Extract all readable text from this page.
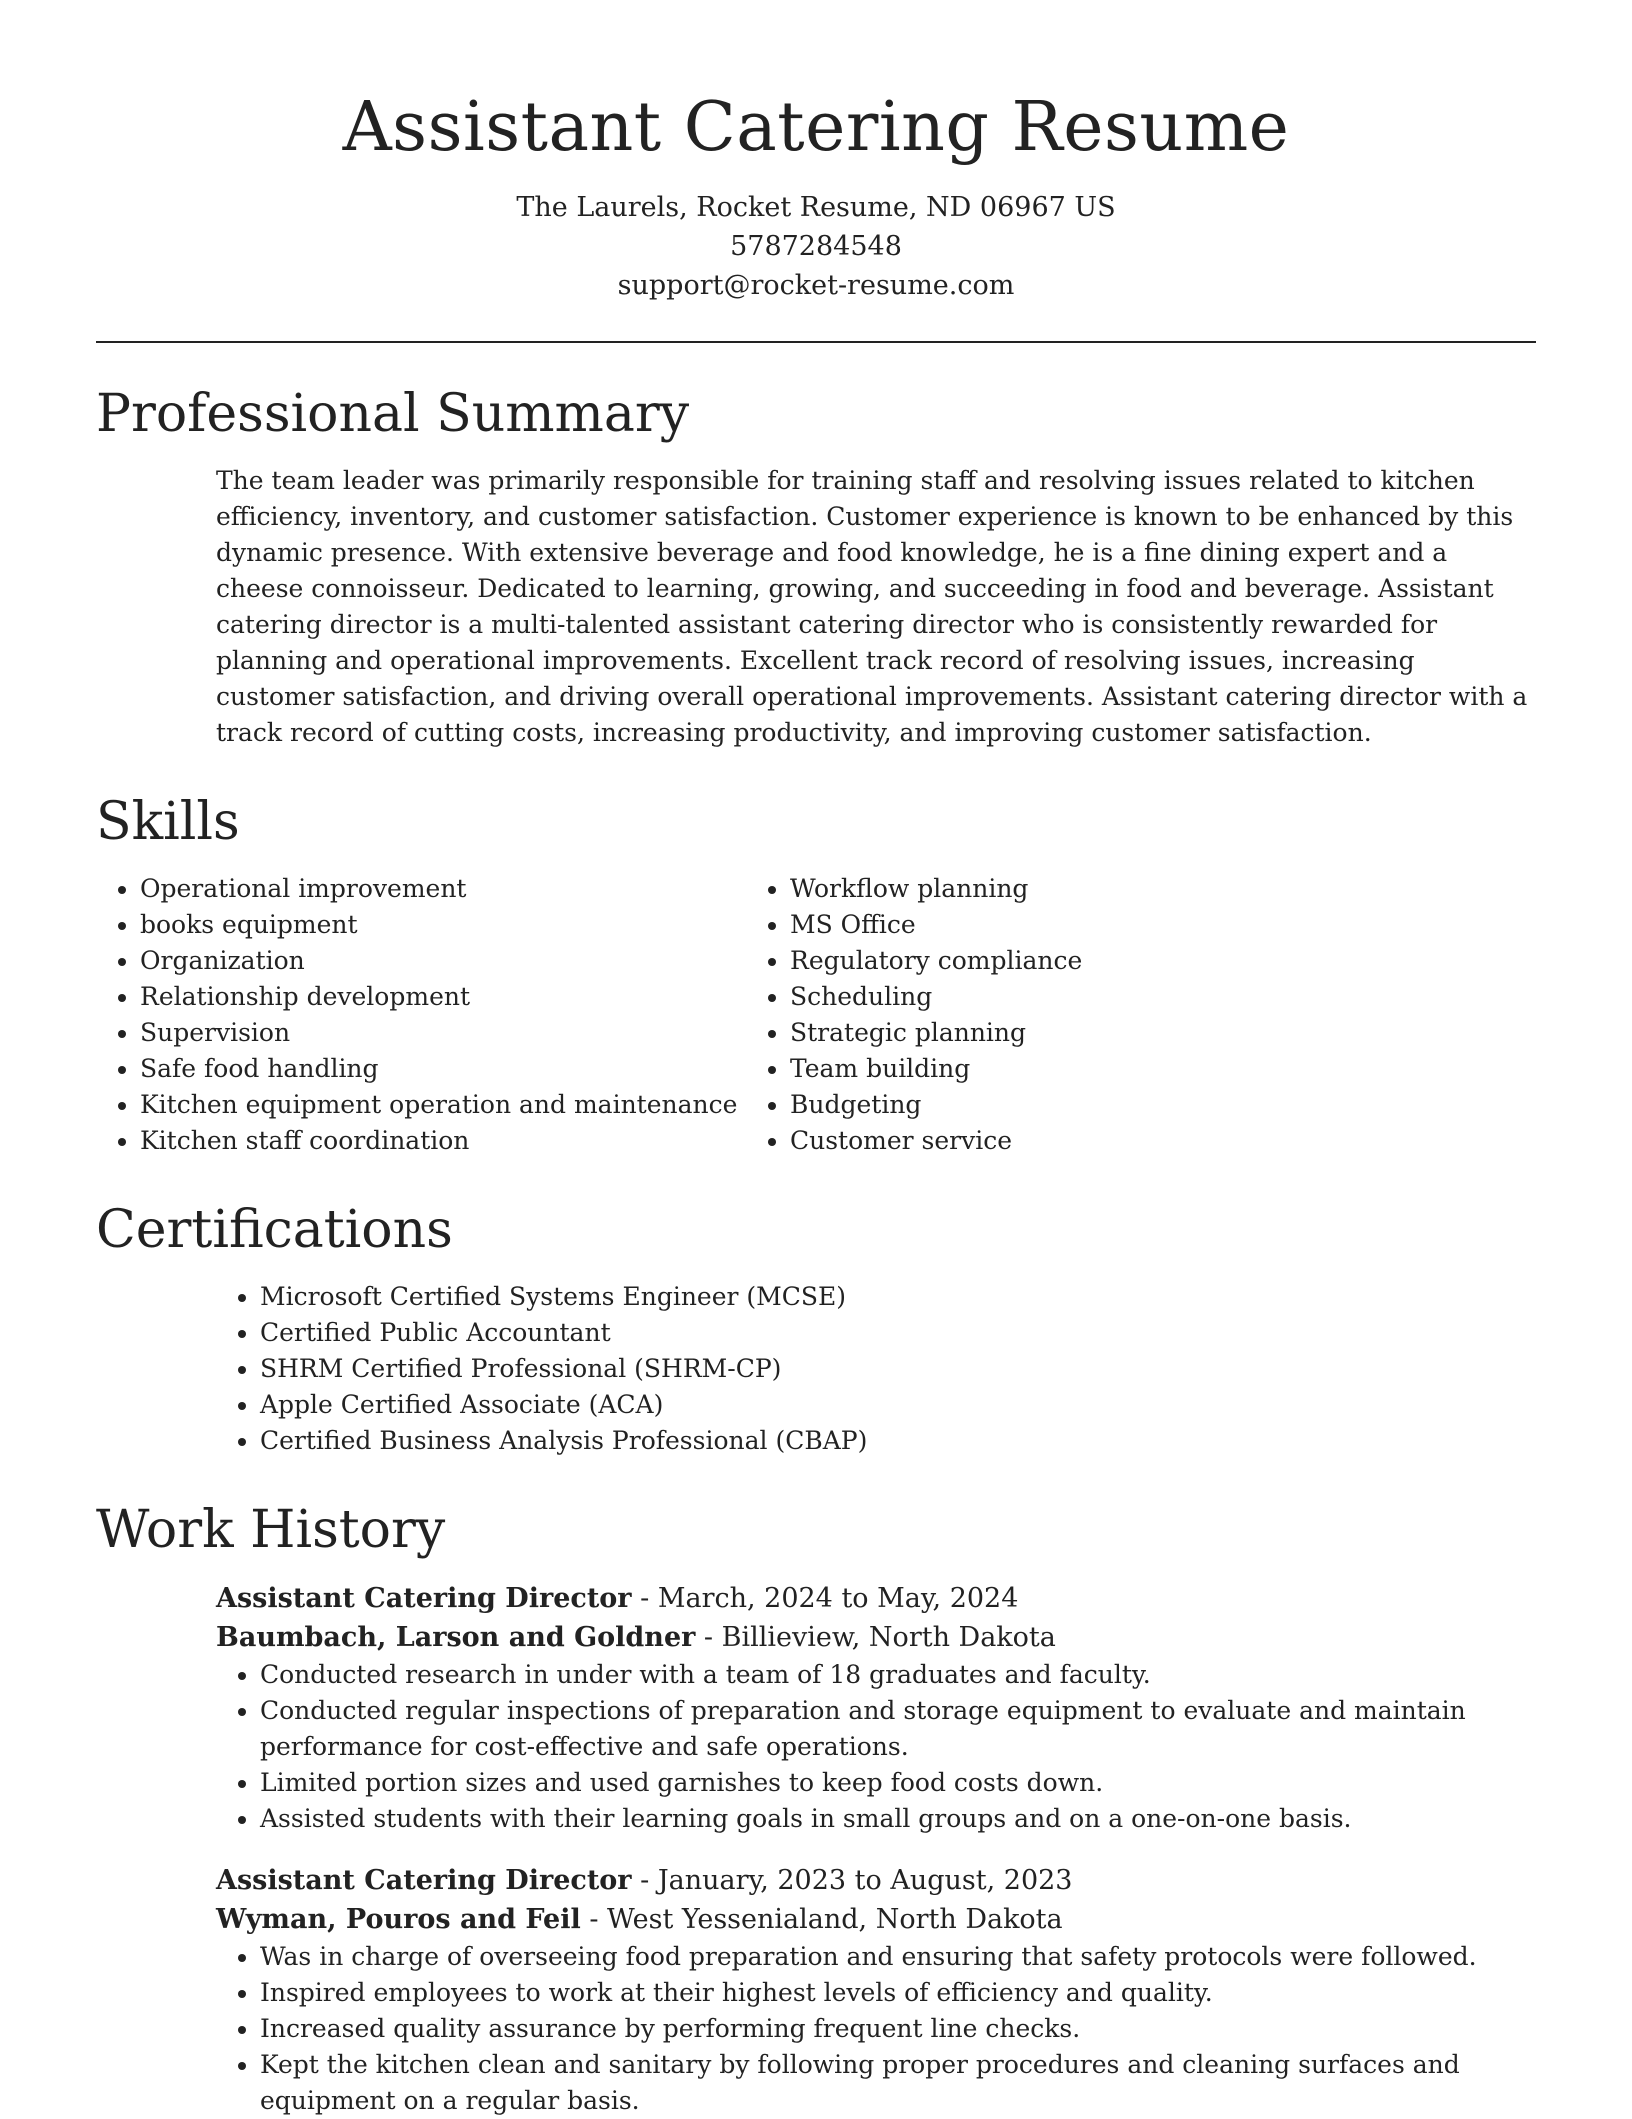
Assistant Catering Resume
The Laurels, Rocket Resume, ND 06967 US
5787284548
support@rocket-resume.com
Professional Summary

The team leader was primarily responsible for training staff and resolving issues related to kitchen efficiency, inventory, and customer satisfaction. Customer experience is known to be enhanced by this dynamic presence. With extensive beverage and food knowledge, he is a fine dining expert and a cheese connoisseur. Dedicated to learning, growing, and succeeding in food and beverage. Assistant catering director is a multi-talented assistant catering director who is consistently rewarded for planning and operational improvements. Excellent track record of resolving issues, increasing customer satisfaction, and driving overall operational improvements. Assistant catering director with a track record of cutting costs, increasing productivity, and improving customer satisfaction.

Skills
• Operational improvement
• books equipment
• Organization
• Relationship development
• Supervision
• Safe food handling
• Kitchen equipment operation and maintenance
• Kitchen staff coordination
• Workflow planning
• MS Office
• Regulatory compliance
• Scheduling
• Strategic planning
• Team building
• Budgeting
• Customer service
Certifications
• Microsoft Certified Systems Engineer (MCSE)
• Certified Public Accountant
• SHRM Certified Professional (SHRM-CP)
• Apple Certified Associate (ACA)
• Certified Business Analysis Professional (CBAP)
Work History
Assistant Catering Director - March, 2024 to May, 2024
Baumbach, Larson and Goldner - Billieview, North Dakota
• Conducted research in under with a team of 18 graduates and faculty.
• Conducted regular inspections of preparation and storage equipment to evaluate and maintain performance for cost-effective and safe operations.
• Limited portion sizes and used garnishes to keep food costs down.
• Assisted students with their learning goals in small groups and on a one-on-one basis.
Assistant Catering Director - January, 2023 to August, 2023
Wyman, Pouros and Feil - West Yessenialand, North Dakota
• Was in charge of overseeing food preparation and ensuring that safety protocols were followed.
• Inspired employees to work at their highest levels of efficiency and quality.
• Increased quality assurance by performing frequent line checks.
• Kept the kitchen clean and sanitary by following proper procedures and cleaning surfaces and equipment on a regular basis.
